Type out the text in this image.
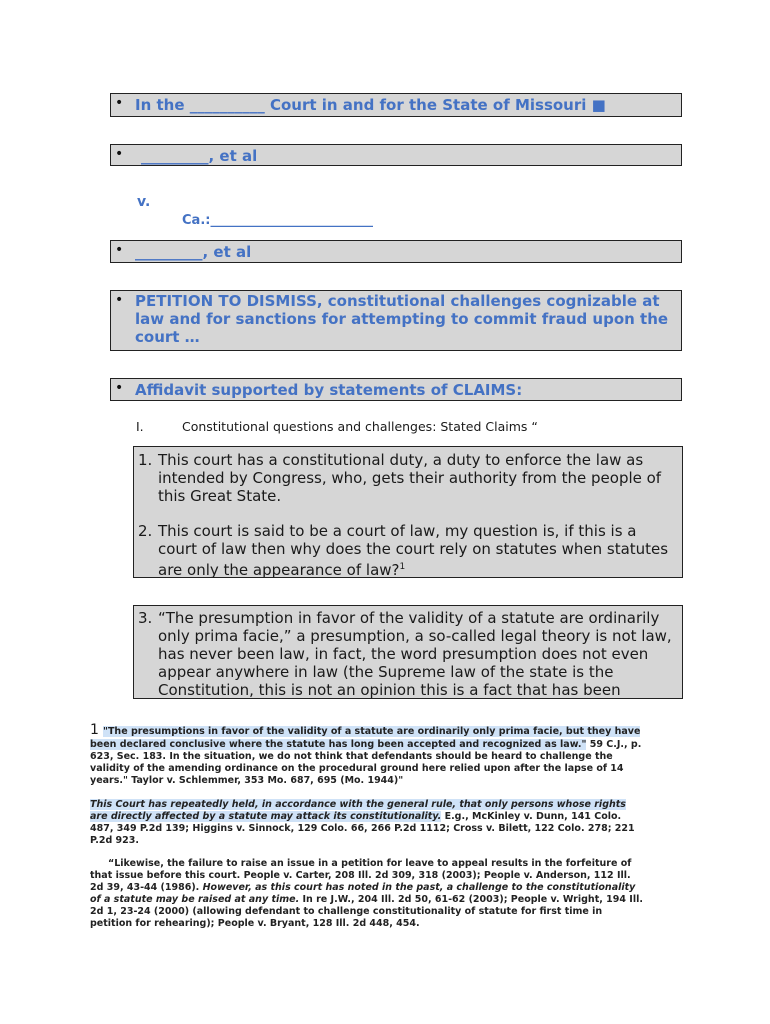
• In the __________ Court in and for the State of Missouri ■
• _________, et al
v.
Ca.:_________________________
• _________, et al
• PETITION TO DISMISS, constitutional challenges cognizable at
law and for sanctions for attempting to commit fraud upon the
court …
• Affidavit supported by statements of CLAIMS:
I.	Constitutional questions and challenges: Stated Claims “
1. This court has a constitutional duty, a duty to enforce the law as
intended by Congress, who, gets their authority from the people of
this Great State.
2. This court is said to be a court of law, my question is, if this is a
court of law then why does the court rely on statutes when statutes
are only the appearance of law?$^1$
3. “The presumption in favor of the validity of a statute are ordinarily
only prima facie,” a presumption, a so-called legal theory is not law,
has never been law, in fact, the word presumption does not even
appear anywhere in law (the Supreme law of the state is the
Constitution, this is not an opinion this is a fact that has been
1 "The presumptions in favor of the validity of a statute are ordinarily only prima facie, but they have
been declared conclusive where the statute has long been accepted and recognized as law." 59 C.J., p.
623, Sec. 183. In the situation, we do not think that defendants should be heard to challenge the
validity of the amending ordinance on the procedural ground here relied upon after the lapse of 14
years." Taylor v. Schlemmer, 353 Mo. 687, 695 (Mo. 1944)"
This Court has repeatedly held, in accordance with the general rule, that only persons whose rights
are directly affected by a statute may attack its constitutionality. E.g., McKinley v. Dunn, 141 Colo.
487, 349 P.2d 139; Higgins v. Sinnock, 129 Colo. 66, 266 P.2d 1112; Cross v. Bilett, 122 Colo. 278; 221
P.2d 923.
“Likewise, the failure to raise an issue in a petition for leave to appeal results in the forfeiture of
that issue before this court. People v. Carter, 208 Ill. 2d 309, 318 (2003); People v. Anderson, 112 Ill.
2d 39, 43-44 (1986). However, as this court has noted in the past, a challenge to the constitutionality
of a statute may be raised at any time. In re J.W., 204 Ill. 2d 50, 61-62 (2003); People v. Wright, 194 Ill.
2d 1, 23-24 (2000) (allowing defendant to challenge constitutionality of statute for first time in
petition for rehearing); People v. Bryant, 128 Ill. 2d 448, 454.
